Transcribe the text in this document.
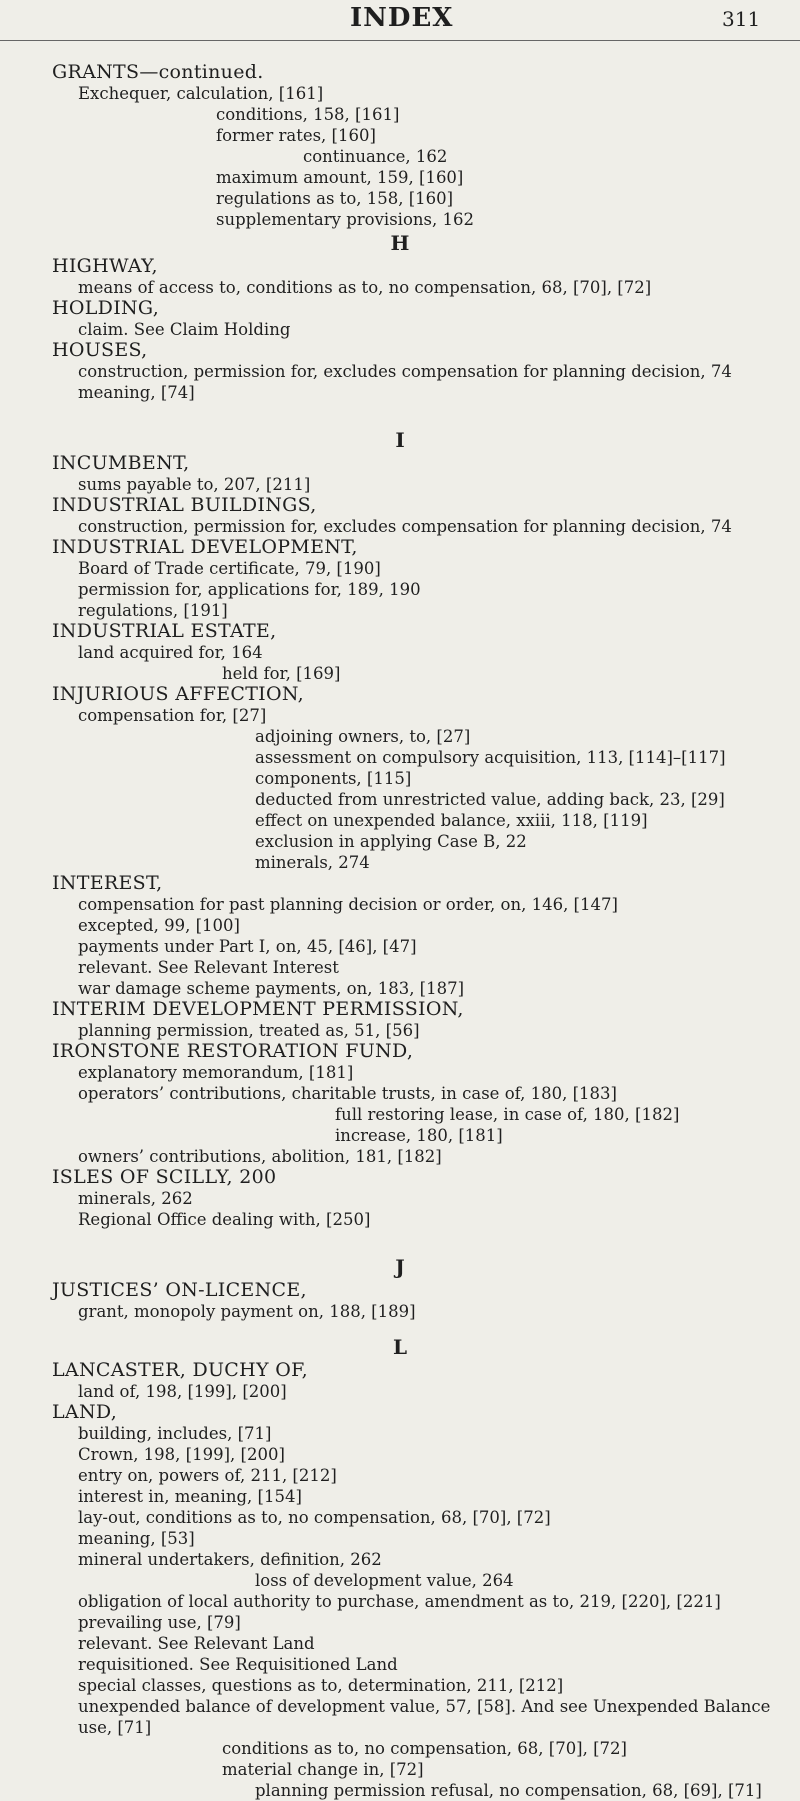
INDEX	311
GRANTS—continued.
Exchequer, calculation, [161]
conditions, 158, [161]
former rates, [160]
continuance, 162
maximum amount, 159, [160]
regulations as to, 158, [160]
supplementary provisions, 162
H
HIGHWAY,
means of access to, conditions as to, no compensation, 68, [70], [72]
HOLDING,
claim. See Claim Holding
HOUSES,
construction, permission for, excludes compensation for planning decision, 74
meaning, [74]
I
INCUMBENT,
sums payable to, 207, [211]
INDUSTRIAL BUILDINGS,
construction, permission for, excludes compensation for planning decision, 74
INDUSTRIAL DEVELOPMENT,
Board of Trade certificate, 79, [190]
permission for, applications for, 189, 190
regulations, [191]
INDUSTRIAL ESTATE,
land acquired for, 164
held for, [169]
INJURIOUS AFFECTION,
compensation for, [27]
adjoining owners, to, [27]
assessment on compulsory acquisition, 113, [114]–[117]
components, [115]
deducted from unrestricted value, adding back, 23, [29]
effect on unexpended balance, xxiii, 118, [119]
exclusion in applying Case B, 22
minerals, 274
INTEREST,
compensation for past planning decision or order, on, 146, [147]
excepted, 99, [100]
payments under Part I, on, 45, [46], [47]
relevant. See Relevant Interest
war damage scheme payments, on, 183, [187]
INTERIM DEVELOPMENT PERMISSION,
planning permission, treated as, 51, [56]
IRONSTONE RESTORATION FUND,
explanatory memorandum, [181]
operators’ contributions, charitable trusts, in case of, 180, [183]
full restoring lease, in case of, 180, [182]
increase, 180, [181]
owners’ contributions, abolition, 181, [182]
ISLES OF SCILLY, 200
minerals, 262
Regional Office dealing with, [250]
J
JUSTICES’ ON-LICENCE,
grant, monopoly payment on, 188, [189]
L
LANCASTER, DUCHY OF,
land of, 198, [199], [200]
LAND,
building, includes, [71]
Crown, 198, [199], [200]
entry on, powers of, 211, [212]
interest in, meaning, [154]
lay-out, conditions as to, no compensation, 68, [70], [72]
meaning, [53]
mineral undertakers, definition, 262
loss of development value, 264
obligation of local authority to purchase, amendment as to, 219, [220], [221]
prevailing use, [79]
relevant. See Relevant Land
requisitioned. See Requisitioned Land
special classes, questions as to, determination, 211, [212]
unexpended balance of development value, 57, [58]. And see Unexpended Balance
use, [71]
conditions as to, no compensation, 68, [70], [72]
material change in, [72]
planning permission refusal, no compensation, 68, [69], [71]
